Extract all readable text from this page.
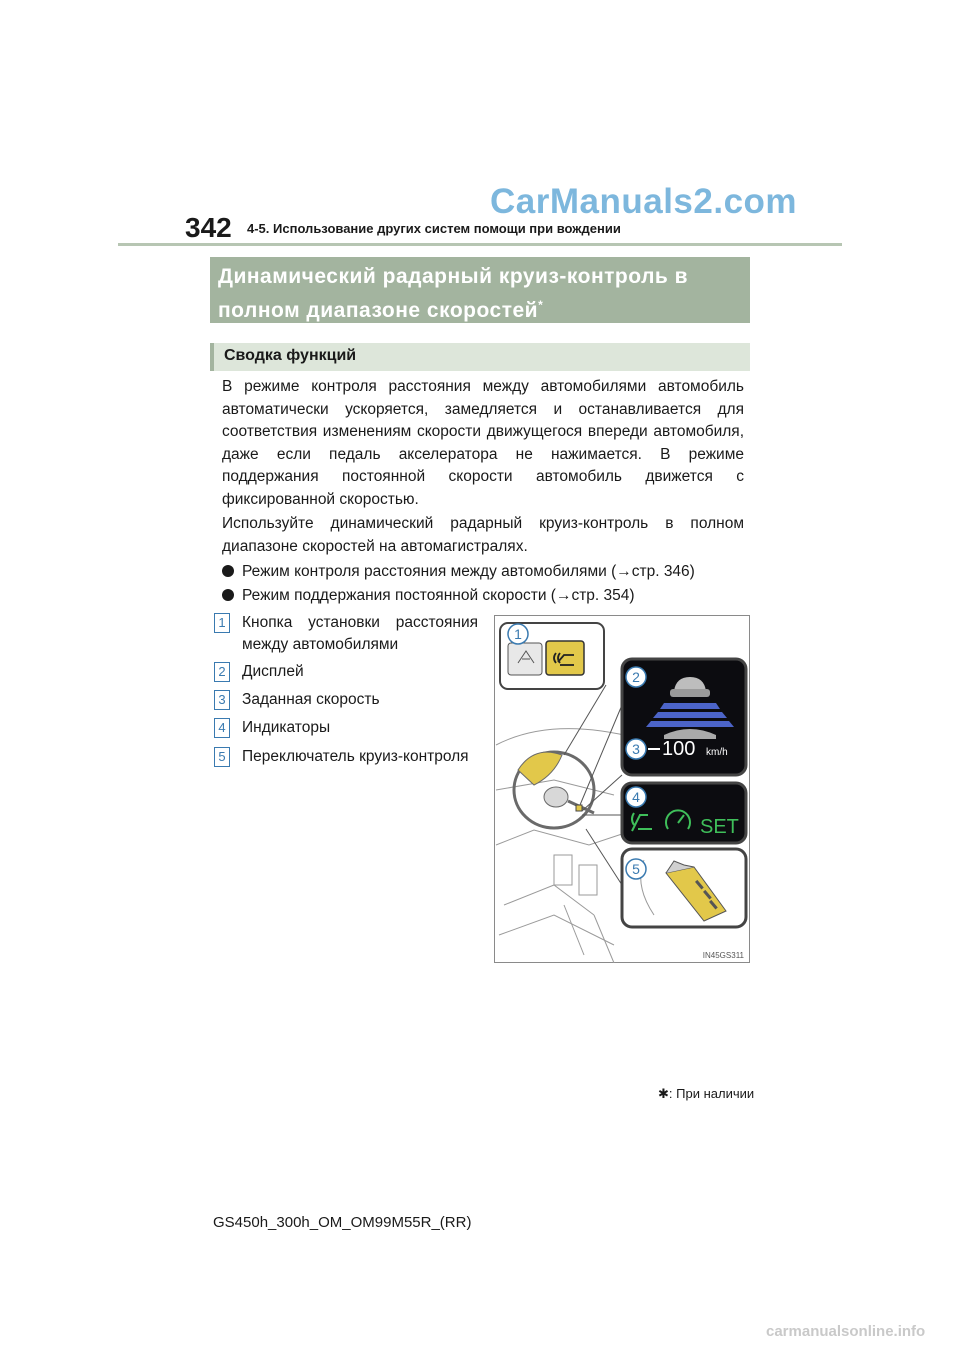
342 4-5. Использование других систем помощи при вождении
CarManuals2.com
Динамический радарный круиз-контроль в
полном диапазоне скоростей*
Сводка функций
В режиме контроля расстояния между автомобилями автомобиль автоматически ускоряется, замедляется и останавливается для соответствия изменениям скорости движущегося впереди автомобиля, даже если педаль акселератора не нажимается. В режиме поддержания постоянной скорости автомобиль движется с фиксированной скоростью.
Используйте динамический радарный круиз-контроль в полном диапазоне скоростей на автомагистралях.
Режим контроля расстояния между автомобилями (→стр. 346)
Режим поддержания постоянной скорости (→стр. 354)
1 Кнопка установки расстояния между автомобилями
2 Дисплей
3 Заданная скорость
4 Индикаторы
5 Переключатель круиз-контроля
1
100 km/h
2
3
SET
4
5
IN45GS311
✱: При наличии
GS450h_300h_OM_OM99M55R_(RR)
carmanualsonline.info
